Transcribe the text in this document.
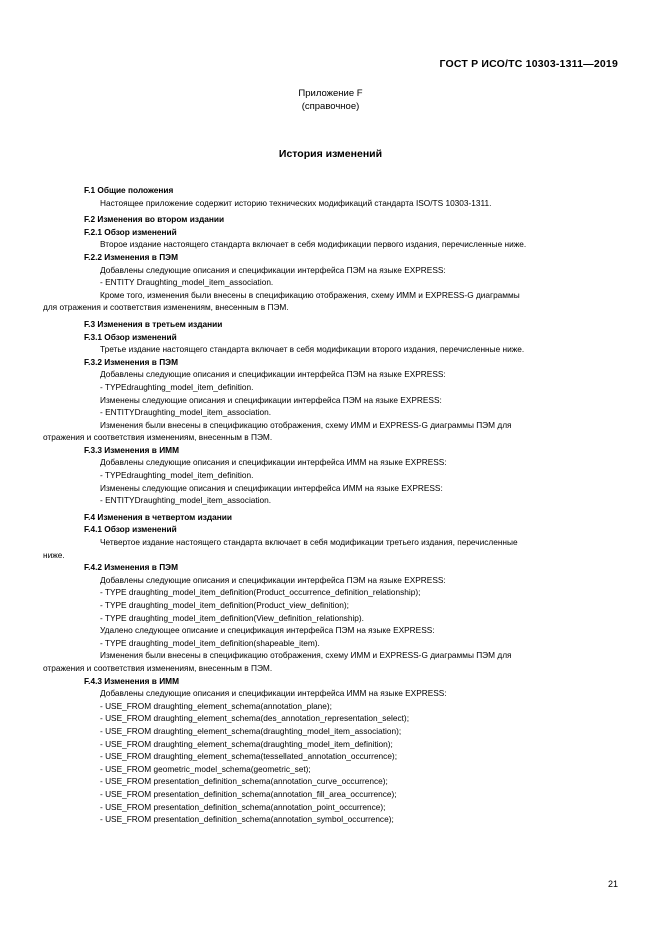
ГОСТ Р ИСО/ТС 10303-1311—2019
Приложение F
(справочное)
История изменений

F.1 Общие положения

Настоящее приложение содержит историю технических модификаций стандарта ISO/TS 10303-1311.

F.2 Изменения во втором издании

F.2.1 Обзор изменений

Второе издание настоящего стандарта включает в себя модификации первого издания, перечисленные ниже.

F.2.2 Изменения в ПЭМ

Добавлены следующие описания и спецификации интерфейса ПЭМ на языке EXPRESS:

- ENTITY Draughting_model_item_association.

Кроме того, изменения были внесены в спецификацию отображения, схему ИММ и EXPRESS-G диаграммы

для отражения и соответствия изменениям, внесенным в ПЭМ.

F.3 Изменения в третьем издании

F.3.1 Обзор изменений

Третье издание настоящего стандарта включает в себя модификации второго издания, перечисленные ниже.

F.3.2 Изменения в ПЭМ

Добавлены следующие описания и спецификации интерфейса ПЭМ на языке EXPRESS:

- TYPEdraughting_model_item_definition.

Изменены следующие описания и спецификации интерфейса ПЭМ на языке EXPRESS:

- ENTITYDraughting_model_item_association.

Изменения были внесены в спецификацию отображения, схему ИММ и EXPRESS-G диаграммы ПЭМ для

отражения и соответствия изменениям, внесенным в ПЭМ.

F.3.3 Изменения в ИММ

Добавлены следующие описания и спецификации интерфейса ИММ на языке EXPRESS:

- TYPEdraughting_model_item_definition.

Изменены следующие описания и спецификации интерфейса ИММ на языке EXPRESS:

- ENTITYDraughting_model_item_association.

F.4 Изменения в четвертом издании

F.4.1 Обзор изменений

Четвертое издание настоящего стандарта включает в себя модификации третьего издания, перечисленные

ниже.

F.4.2 Изменения в ПЭМ

Добавлены следующие описания и спецификации интерфейса ПЭМ на языке EXPRESS:

- TYPE draughting_model_item_definition(Product_occurrence_definition_relationship);

- TYPE draughting_model_item_definition(Product_view_definition);

- TYPE draughting_model_item_definition(View_definition_relationship).

Удалено следующее описание и спецификация интерфейса ПЭМ на языке EXPRESS:

- TYPE draughting_model_item_definition(shapeable_item).

Изменения были внесены в спецификацию отображения, схему ИММ и EXPRESS-G диаграммы ПЭМ для

отражения и соответствия изменениям, внесенным в ПЭМ.

F.4.3 Изменения в ИММ

Добавлены следующие описания и спецификации интерфейса ИММ на языке EXPRESS:

- USE_FROM draughting_element_schema(annotation_plane);

- USE_FROM draughting_element_schema(des_annotation_representation_select);

- USE_FROM draughting_element_schema(draughting_model_item_association);

- USE_FROM draughting_element_schema(draughting_model_item_definition);

- USE_FROM draughting_element_schema(tessellated_annotation_occurrence);

- USE_FROM geometric_model_schema(geometric_set);

- USE_FROM presentation_definition_schema(annotation_curve_occurrence);

- USE_FROM presentation_definition_schema(annotation_fill_area_occurrence);

- USE_FROM presentation_definition_schema(annotation_point_occurrence);

- USE_FROM presentation_definition_schema(annotation_symbol_occurrence);

21
